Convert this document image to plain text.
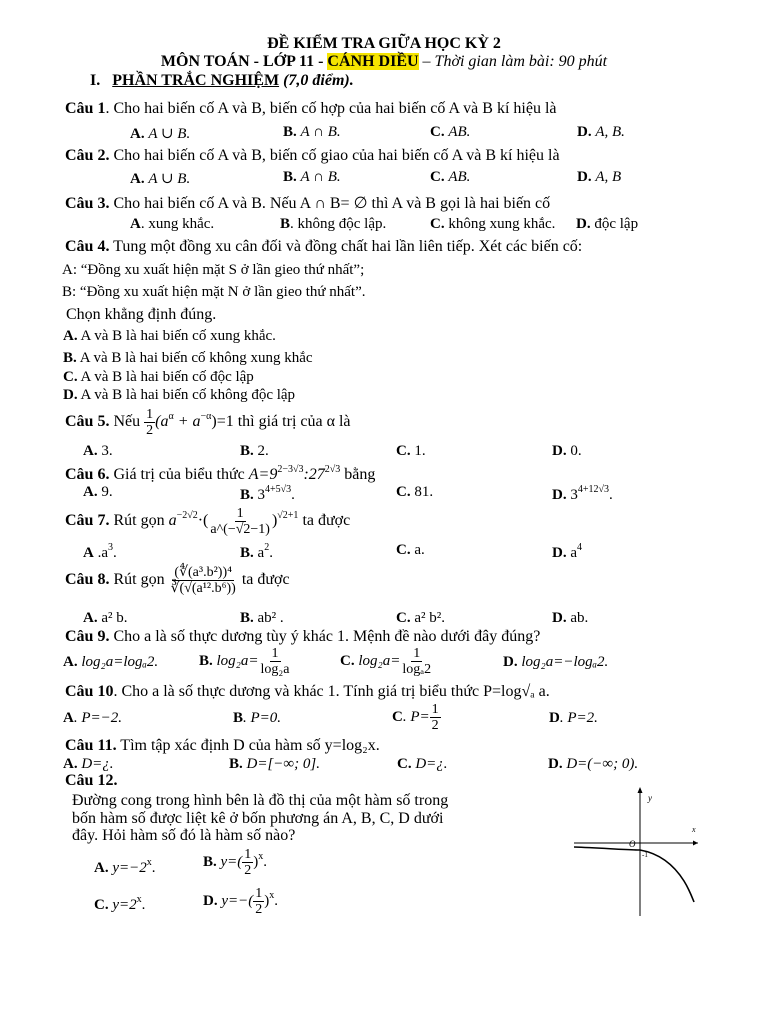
ĐỀ KIỂM TRA GIỮA HỌC KỲ 2
MÔN TOÁN - LỚP 11 - CÁNH DIỀU – Thời gian làm bài: 90 phút
I. PHẦN TRẮC NGHIỆM (7,0 điểm).
Câu 1. Cho hai biến cố A và B, biến cố hợp của hai biến cố A và B kí hiệu là
A. A ∪ B.	B. A ∩ B.	C. AB.	D. A, B.
Câu 2. Cho hai biến cố A và B, biến cố giao của hai biến cố A và B kí hiệu là
A. A ∪ B.	B. A ∩ B.	C. AB.	D. A, B
Câu 3. Cho hai biến cố A và B. Nếu A ∩ B= ∅ thì A và B gọi là hai biến cố
A. xung khắc.	B. không độc lập.	C. không xung khắc. D. độc lập
Câu 4. Tung một đồng xu cân đối và đồng chất hai lần liên tiếp. Xét các biến cố:
A: “Đồng xu xuất hiện mặt S ở lần gieo thứ nhất”;
B: “Đồng xu xuất hiện mặt N ở lần gieo thứ nhất”.
Chọn khẳng định đúng.
A. A và B là hai biến cố xung khắc.
B. A và B là hai biến cố không xung khắc
C. A và B là hai biến cố độc lập
D. A và B là hai biến cố không độc lập
Câu 5. Nếu $\frac{1}{2} (a^\alpha + a^{-\alpha})=1$ thì giá trị của α là
A. 3.	B. 2.	C. 1.	D. 0.
Câu 6. Giá trị của biểu thức $A=9^{2-3√3}:27^{2√3}$ bằng
A. 9.	B. $3^{4+5√3}$.	C. 81.	D. $3^{4+12√3}$.
Câu 7. Rút gọn $a^{-2√2}\cdot( \frac{1}{a\^{}(-√2-1)} )^{√2+1}$ ta được
A $.a^3$.	B. $a^2$.	C. a.	D. $a^4$
Câu 8. Rút gọn $\frac{\text{(∜(a³.b²))⁴}}{\text{∛(√(a¹².b⁶))}}$ ta được
A. a² b.	B. ab² .	C. a² b².	D. ab.
Câu 9. Cho a là số thực dương tùy ý khác 1. Mệnh đề nào dưới đây đúng?
A. log₂a=logₐ2.	B. $\log_2a= \frac{1}{\text{log₂a}}$	C. $\log_2a= \frac{1}{\text{logₐ2}}$	D. log₂a=−logₐ2.
Câu 10. Cho a là số thực dương và khác 1. Tính giá trị biểu thức P=log√ₐ a.
A. P=−2.	B. P=0.	C. $P= \frac{1}{2}$	D. P=2.
Câu 11. Tìm tập xác định D của hàm số y=log₂x.
A. D=¿.	B. D=[−∞; 0].	C. D=¿.	D. D=(−∞; 0).
Câu 12.
Đường cong trong hình bên là đồ thị của một hàm số trong
bốn hàm số được liệt kê ở bốn phương án A, B, C, D dưới
đây. Hỏi hàm số đó là hàm số nào?
A. $y=-2^x$.	B. $y=( \frac{1}{2} )^x$.
C. $y=2^x$.	D. $y=-( \frac{1}{2} )^x$.
y
x
O
-1
